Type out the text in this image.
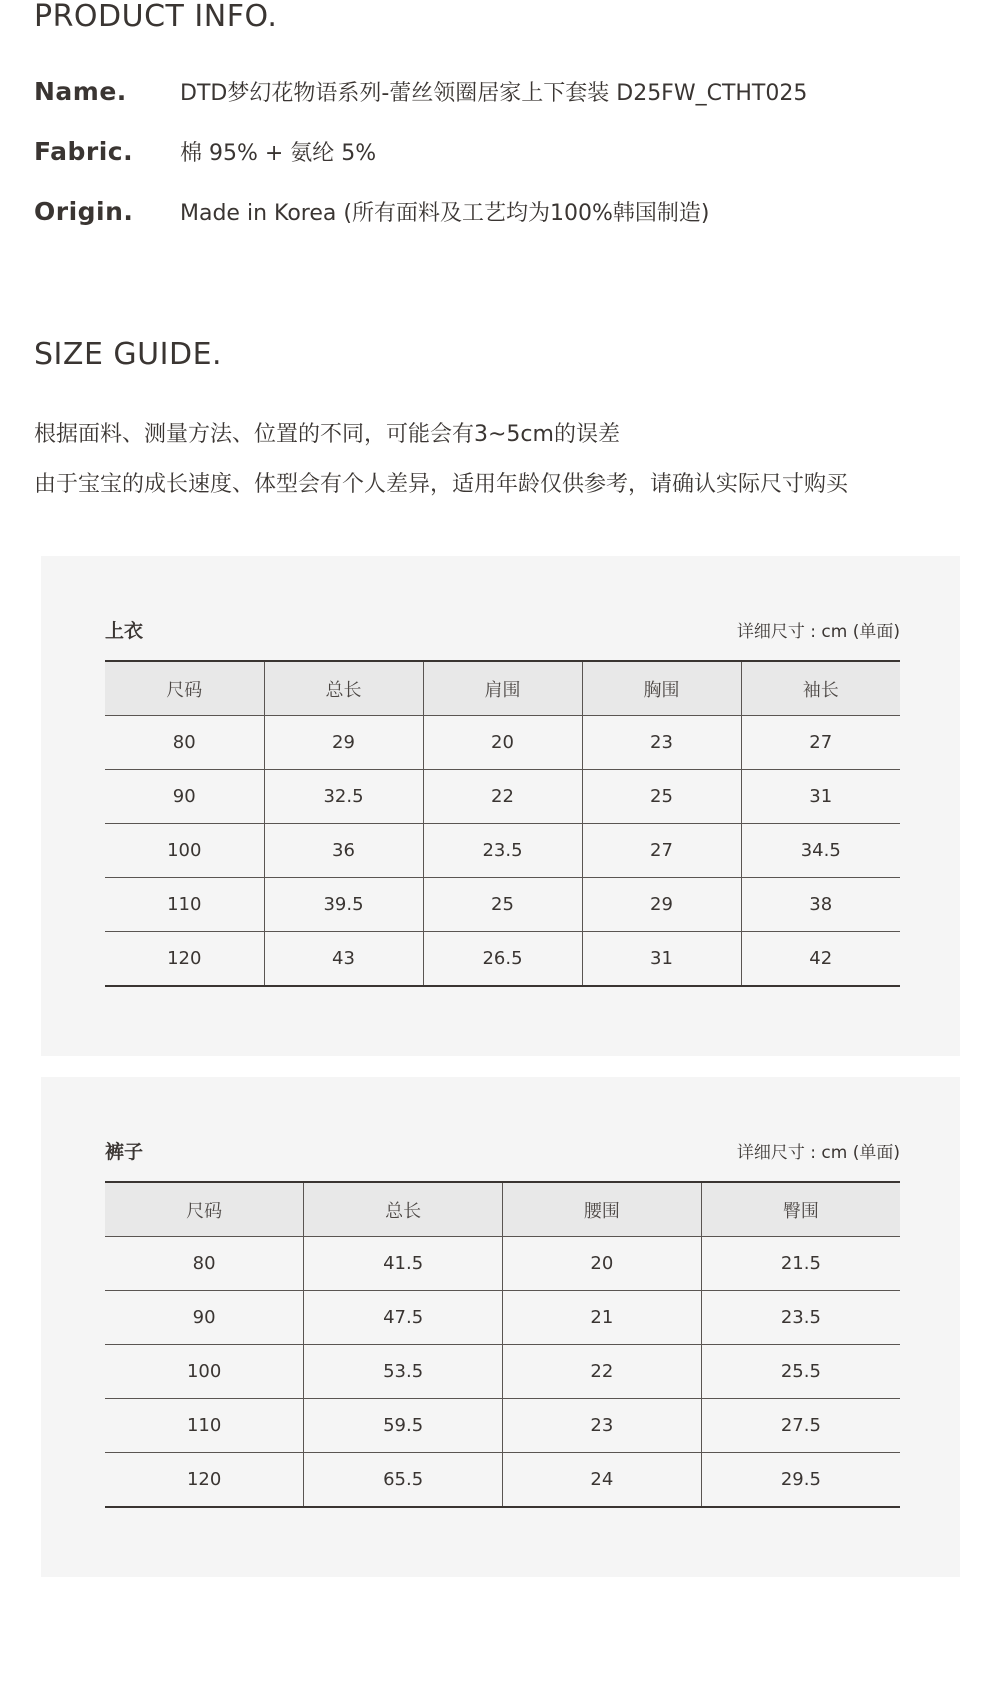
PRODUCT INFO.
Name.	DTD梦幻花物语系列-蕾丝领圈居家上下套装 D25FW_CTHT025
Fabric.	棉 95% + 氨纶 5%
Origin.	Made in Korea (所有面料及工艺均为100%韩国制造)
SIZE GUIDE.

根据面料、测量方法、位置的不同，可能会有3~5cm的误差

由于宝宝的成长速度、体型会有个人差异，适用年龄仅供参考，请确认实际尺寸购买

上衣	详细尺寸 : cm (单面)
尺码	总长	肩围	胸围	袖长
80	29	20	23	27
90	32.5	22	25	31
100	36	23.5	27	34.5
110	39.5	25	29	38
120	43	26.5	31	42
裤子	详细尺寸 : cm (单面)
尺码	总长	腰围	臀围
80	41.5	20	21.5
90	47.5	21	23.5
100	53.5	22	25.5
110	59.5	23	27.5
120	65.5	24	29.5
